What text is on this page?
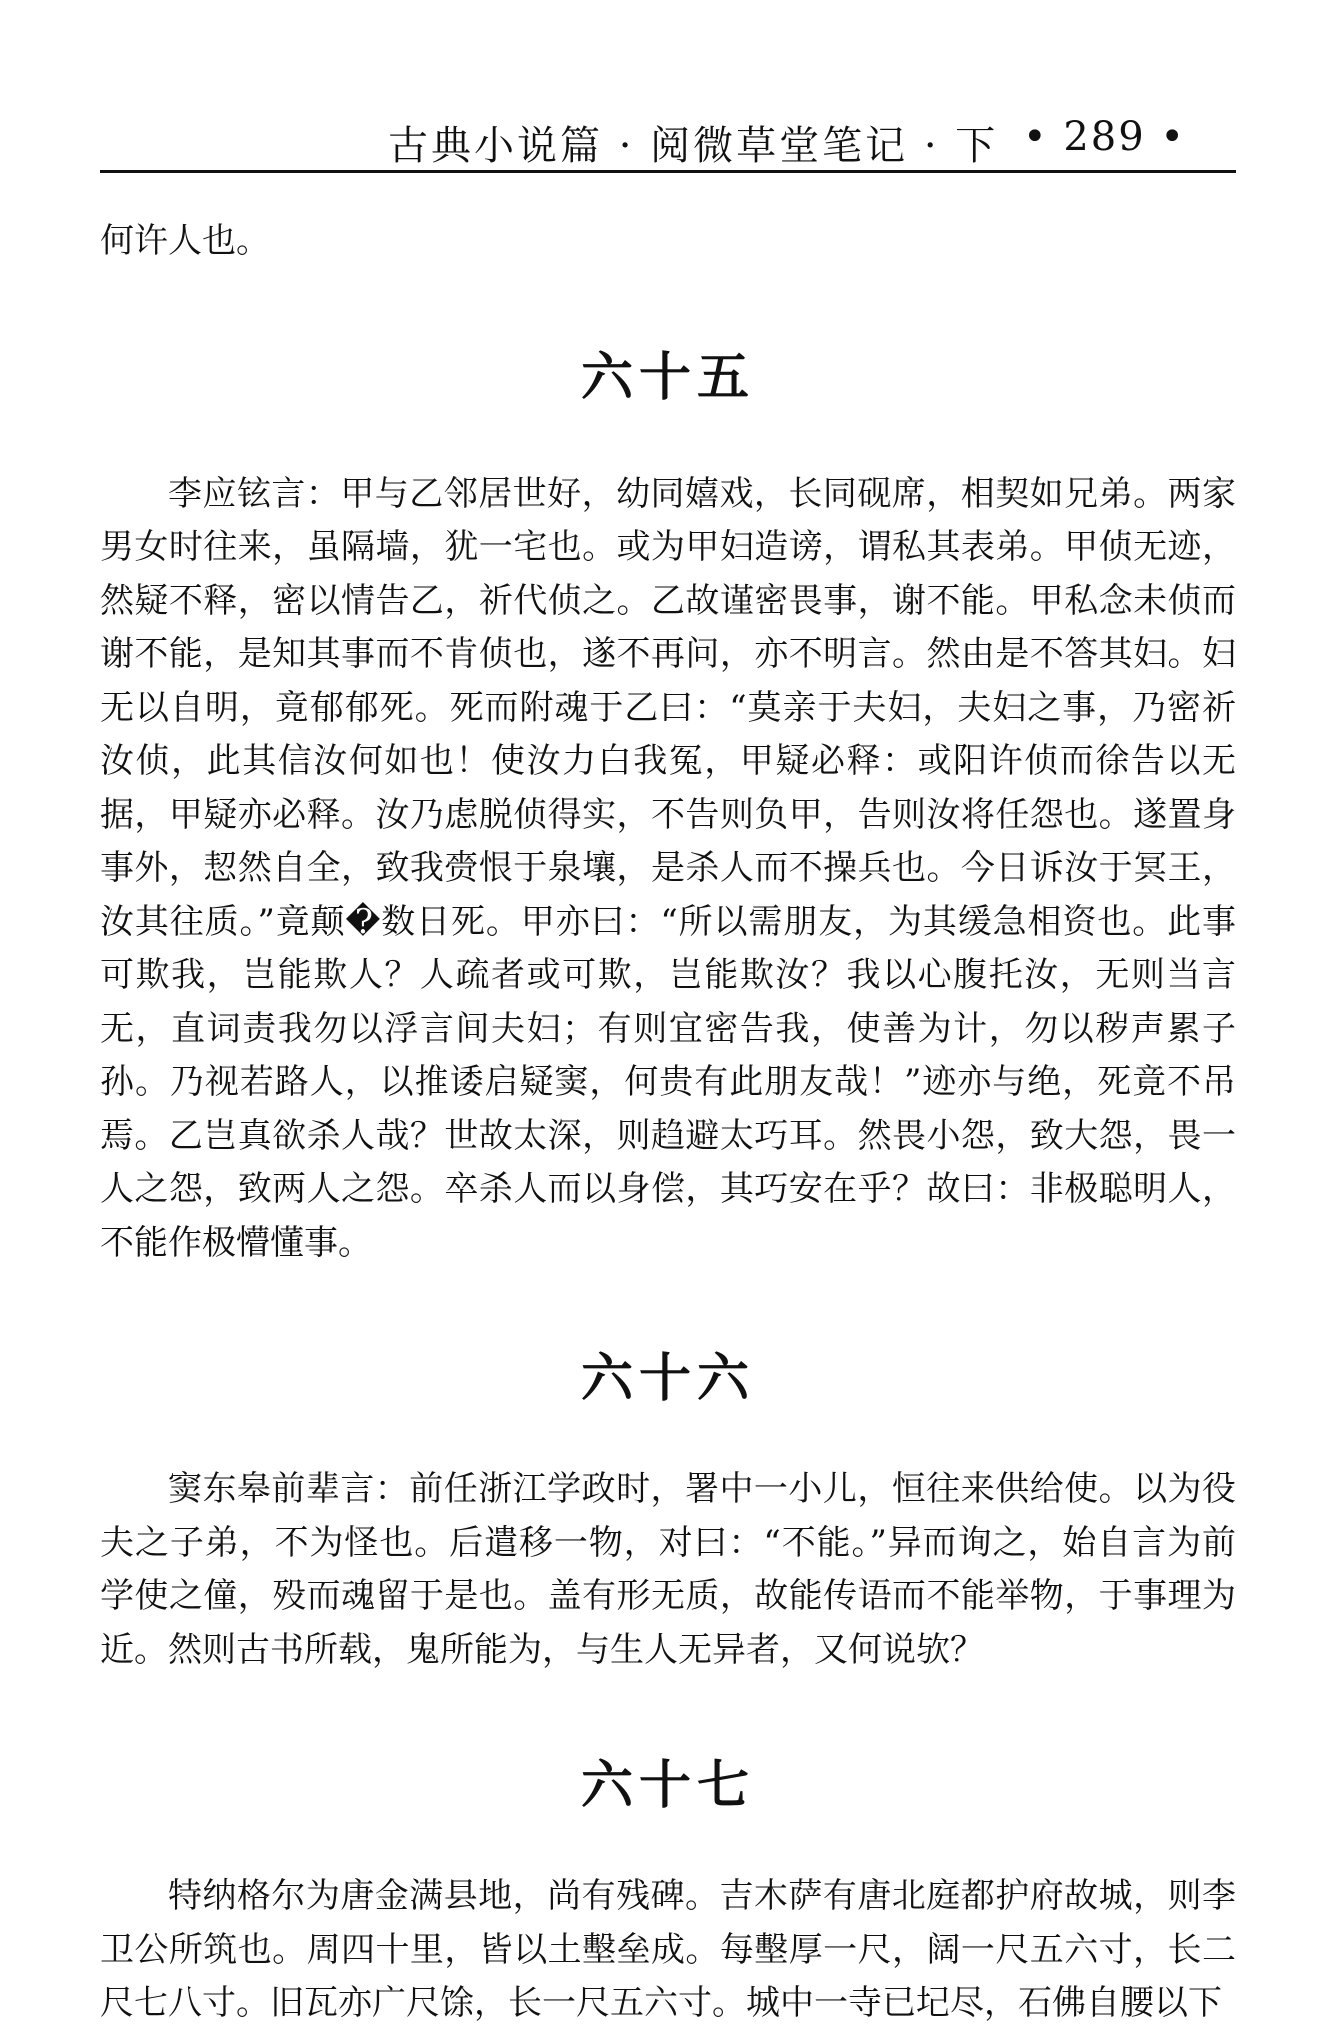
古典小说篇 · 阅微草堂笔记 · 下 • 289 •

何许人也。

六十五

李应铉言：甲与乙邻居世好，幼同嬉戏，长同砚席，相契如兄弟。两家男女时往来，虽隔墙，犹一宅也。或为甲妇造谤，谓私其表弟。甲侦无迹，然疑不释，密以情告乙，祈代侦之。乙故谨密畏事，谢不能。甲私念未侦而谢不能，是知其事而不肯侦也，遂不再问，亦不明言。然由是不答其妇。妇无以自明，竟郁郁死。死而附魂于乙曰：“莫亲于夫妇，夫妇之事，乃密祈汝侦，此其信汝何如也！使汝力白我冤，甲疑必释：或阳许侦而徐告以无据，甲疑亦必释。汝乃虑脱侦得实，不告则负甲，告则汝将任怨也。遂置身事外，恝然自全，致我赍恨于泉壤，是杀人而不操兵也。今日诉汝于冥王，汝其往质。”竟颠�数日死。甲亦曰：“所以需朋友，为其缓急相资也。此事可欺我，岂能欺人？人疏者或可欺，岂能欺汝？我以心腹托汝，无则当言无，直词责我勿以浮言间夫妇；有则宜密告我，使善为计，勿以秽声累子孙。乃视若路人，以推诿启疑窦，何贵有此朋友哉！”迹亦与绝，死竟不吊焉。乙岂真欲杀人哉？世故太深，则趋避太巧耳。然畏小怨，致大怨，畏一人之怨，致两人之怨。卒杀人而以身偿，其巧安在乎？故曰：非极聪明人，不能作极懵懂事。

六十六

窦东皋前辈言：前任浙江学政时，署中一小儿，恒往来供给使。以为役夫之子弟，不为怪也。后遣移一物，对曰：“不能。”异而询之，始自言为前学使之僮，殁而魂留于是也。盖有形无质，故能传语而不能举物，于事理为近。然则古书所载，鬼所能为，与生人无异者，又何说欤？

六十七

特纳格尔为唐金满县地，尚有残碑。吉木萨有唐北庭都护府故城，则李卫公所筑也。周四十里，皆以土墼垒成。每墼厚一尺，阔一尺五六寸，长二尺七八寸。旧瓦亦广尺馀，长一尺五六寸。城中一寺已圮尽，石佛自腰以下
